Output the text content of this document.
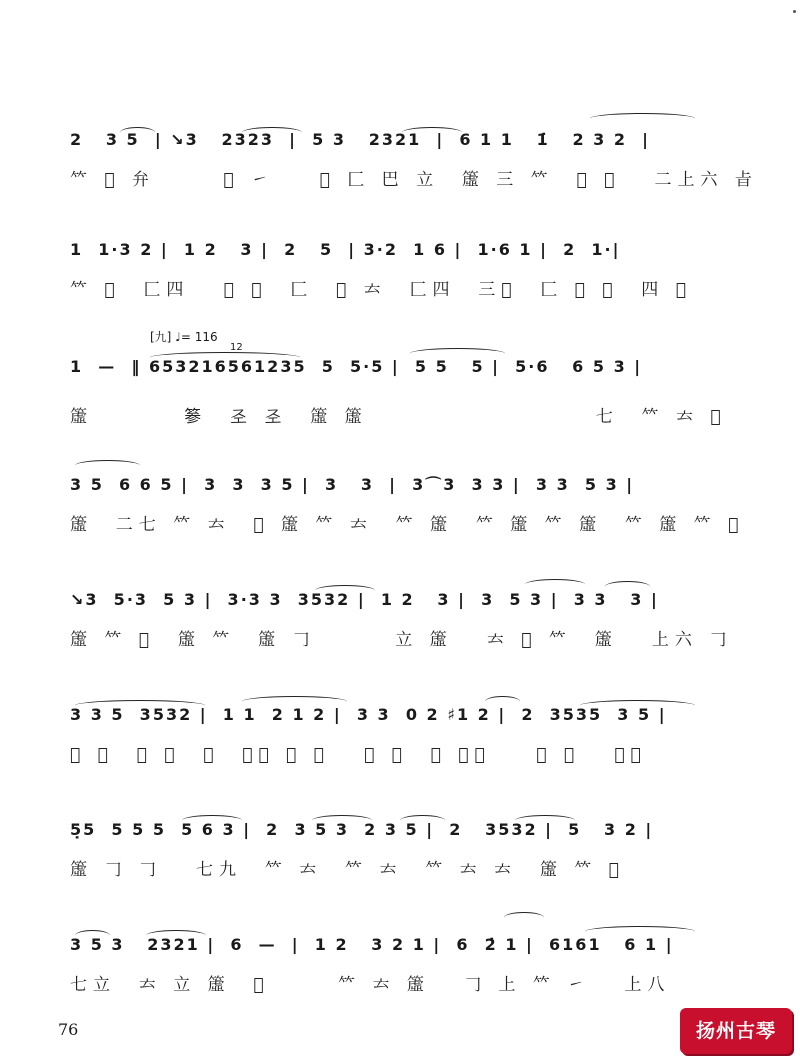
2   3 5  | ↘3   2323  |  5 3   2321  |  6 1 1   1̇   2 3 2  |
𥫗 𥬅 弁      𠣌 ㇀    𥮾 匚 巴 立  𥲤 三 𥫗  𠣌 𥭙   二上六 㫖
1  1·3 2 |  1 2   3 |  2   5  | 3·2  1 6 |  1·6 1 |  2  1·|
𥫗 𥬅  匚四   𠣌 𠣌  匚  𠣌 𠫓  匚四  三𠣌  匚 𠣌 𠣌  四 𠣌
[九] ♩= 116
12
1  —  ‖ 653216561235  5  5·5 |  5 5   5 |  5·6   6 5 3 |
𥲤        𥮾  𢀖 𢀖  𥲤 𥲤                    七  𥫗 𠫓 𠣌
3 5  6 6 5 |  3  3  3 5 |  3   3  |  3⌒3  3 3 |  3 3  5 3 |
𥲤  二七 𥫗 𠫓  𠣌 𥲤 𥫗 𠫓  𥫗 𥲤  𥫗 𥲤 𥫗 𥲤  𥫗 𥲤 𥫗 𠣌
↘3  5·3  5 3 |  3·3 3  3532 |  1 2   3 |  3  5 3 |  3 3   3 |
𥲤 𥫗 𠣌  𥲤 𥫗  𥲤 𠃌       立 𥲤   𠫓 𠣌 𥫗  𥲤   上六 𠃌
3 3 5  3532 |  1 1  2 1 2 |  3 3  0 2 ♯1 2 |  2  3535  3 5 |
𠣌 立  立 𥲤  𥲤  上九 艮 㫖   𥫗 𥲤  𥫗 𥫗𥫗    七 ㇀   上六
5̣5  5 5 5  5 6 3 |  2  3 5 3  2 3 5 |  2   3532 |  5   3 2 |
𥲤 𠃌 𠃌   七九  𥫗 𠫓  𥫗 𠫓  𥫗 𠫓 𠫓  𥲤 𥫗 𠣌
3 5 3   2321 |  6  —  |  1 2   3 2 1 |  6  2̇ 1 |  6161   6 1 |
七立  𠫓 立 𥲤  𠣌      𥫗 𠫓 𥲤   𠃌 上 𥫗 ㇀   上八
76	扬州古琴
